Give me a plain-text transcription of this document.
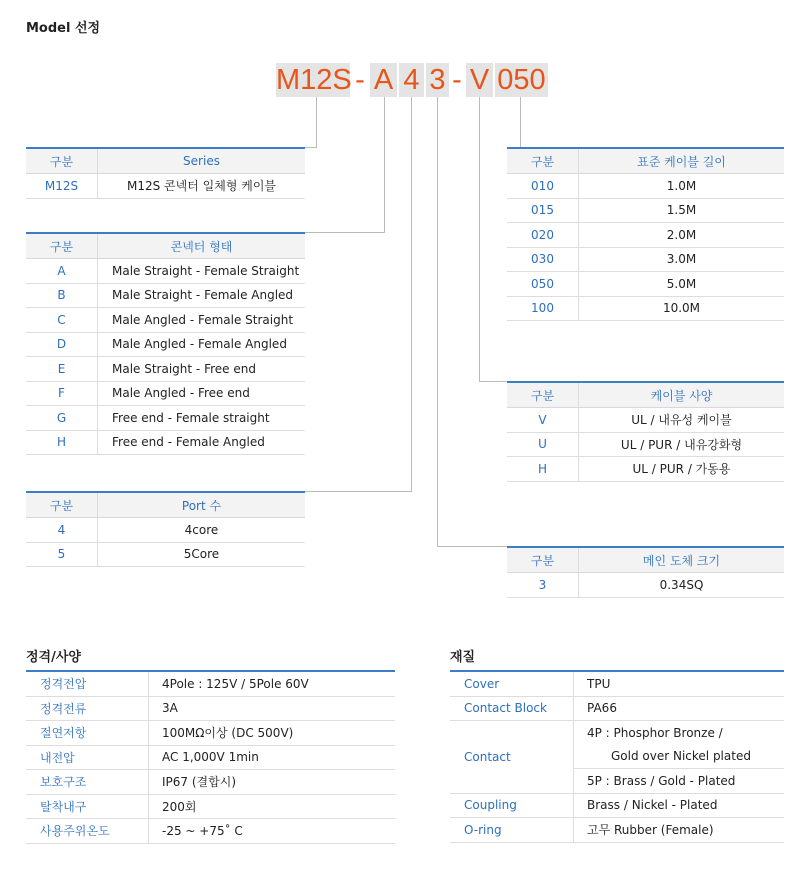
Model 선정
M12S - A 4 3 - V 050
구분	Series
M12S	M12S 콘넥터 일체형 케이블
구분	콘넥터 형태
A	Male Straight - Female Straight
B	Male Straight - Female Angled
C	Male Angled - Female Straight
D	Male Angled - Female Angled
E	Male Straight - Free end
F	Male Angled - Free end
G	Free end - Female straight
H	Free end - Female Angled
구분	Port 수
4	4core
5	5Core
구분	표준 케이블 길이
010	1.0M
015	1.5M
020	2.0M
030	3.0M
050	5.0M
100	10.0M
구분	케이블 사양
V	UL / 내유성 케이블
U	UL / PUR / 내유강화형
H	UL / PUR / 가동용
구분	메인 도체 크기
3	0.34SQ
정격/사양
정격전압	4Pole : 125V / 5Pole 60V
정격전류	3A
절연저항	100MΩ이상 (DC 500V)
내전압	AC 1,000V 1min
보호구조	IP67 (결합시)
탈착내구	200회
사용주위온도	-25 ~ +75˚ C
재질
Cover	TPU
Contact Block	PA66
Contact	4P : Phosphor Bronze /
	Gold over Nickel plated
	5P : Brass / Gold - Plated
Coupling	Brass / Nickel - Plated
O-ring	고무 Rubber (Female)
